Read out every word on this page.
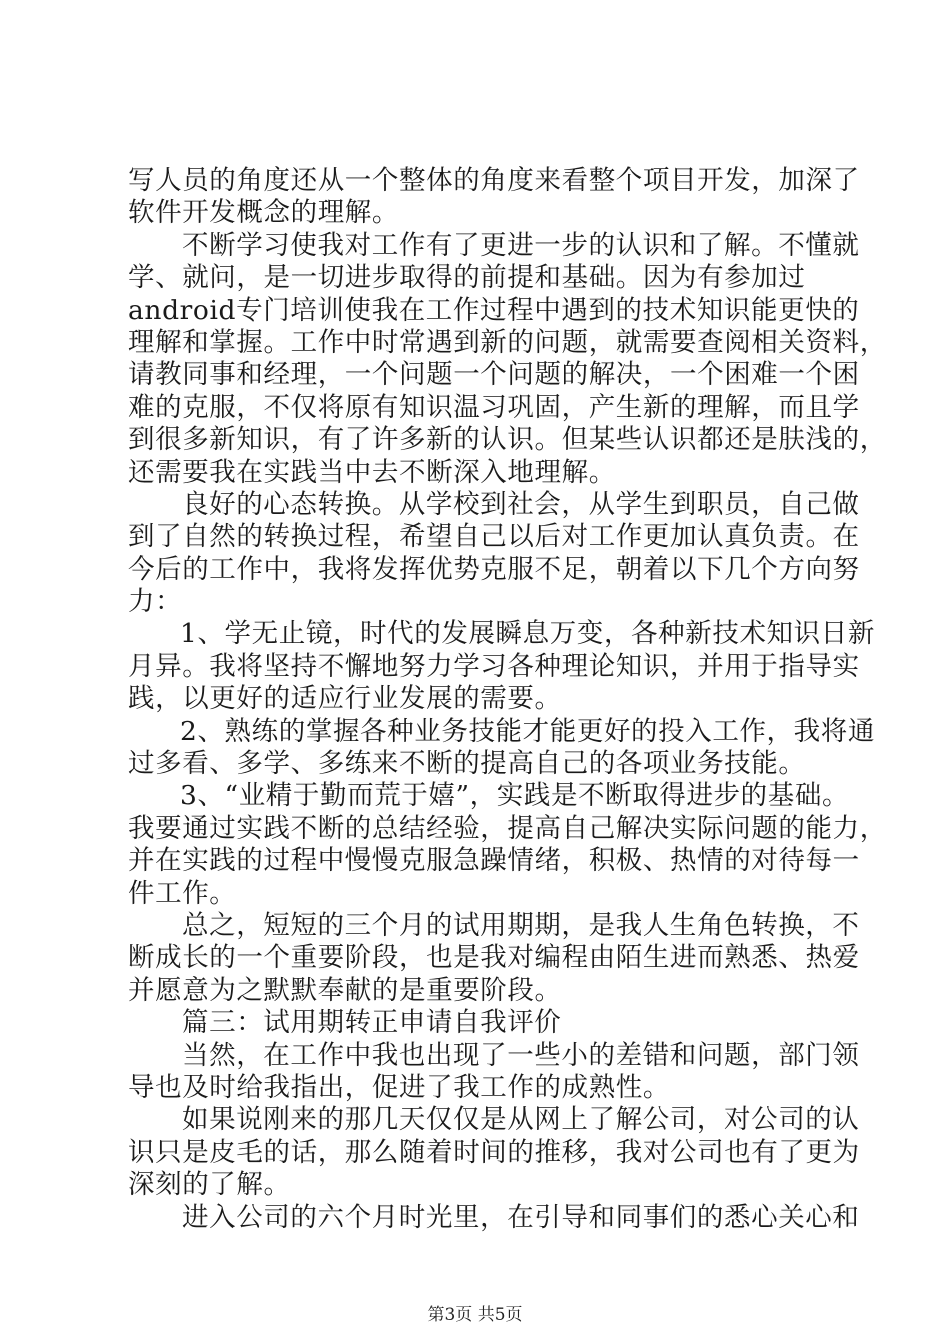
写人员的角度还从一个整体的角度来看整个项目开发，加深了
软件开发概念的理解。
不断学习使我对工作有了更进一步的认识和了解。不懂就
学、就问，是一切进步取得的前提和基础。因为有参加过
android专门培训使我在工作过程中遇到的技术知识能更快的
理解和掌握。工作中时常遇到新的问题，就需要查阅相关资料，
请教同事和经理，一个问题一个问题的解决，一个困难一个困
难的克服，不仅将原有知识温习巩固，产生新的理解，而且学
到很多新知识，有了许多新的认识。但某些认识都还是肤浅的，
还需要我在实践当中去不断深入地理解。
良好的心态转换。从学校到社会，从学生到职员，自己做
到了自然的转换过程，希望自己以后对工作更加认真负责。在
今后的工作中，我将发挥优势克服不足，朝着以下几个方向努
力：
1、学无止镜，时代的发展瞬息万变，各种新技术知识日新
月异。我将坚持不懈地努力学习各种理论知识，并用于指导实
践，以更好的适应行业发展的需要。
2、熟练的掌握各种业务技能才能更好的投入工作，我将通
过多看、多学、多练来不断的提高自己的各项业务技能。
3、“业精于勤而荒于嬉”，实践是不断取得进步的基础。
我要通过实践不断的总结经验，提高自己解决实际问题的能力，
并在实践的过程中慢慢克服急躁情绪，积极、热情的对待每一
件工作。
总之，短短的三个月的试用期期，是我人生角色转换，不
断成长的一个重要阶段，也是我对编程由陌生进而熟悉、热爱
并愿意为之默默奉献的是重要阶段。
篇三：试用期转正申请自我评价
当然，在工作中我也出现了一些小的差错和问题，部门领
导也及时给我指出，促进了我工作的成熟性。
如果说刚来的那几天仅仅是从网上了解公司，对公司的认
识只是皮毛的话，那么随着时间的推移，我对公司也有了更为
深刻的了解。
进入公司的六个月时光里，在引导和同事们的悉心关心和
第3页 共5页
